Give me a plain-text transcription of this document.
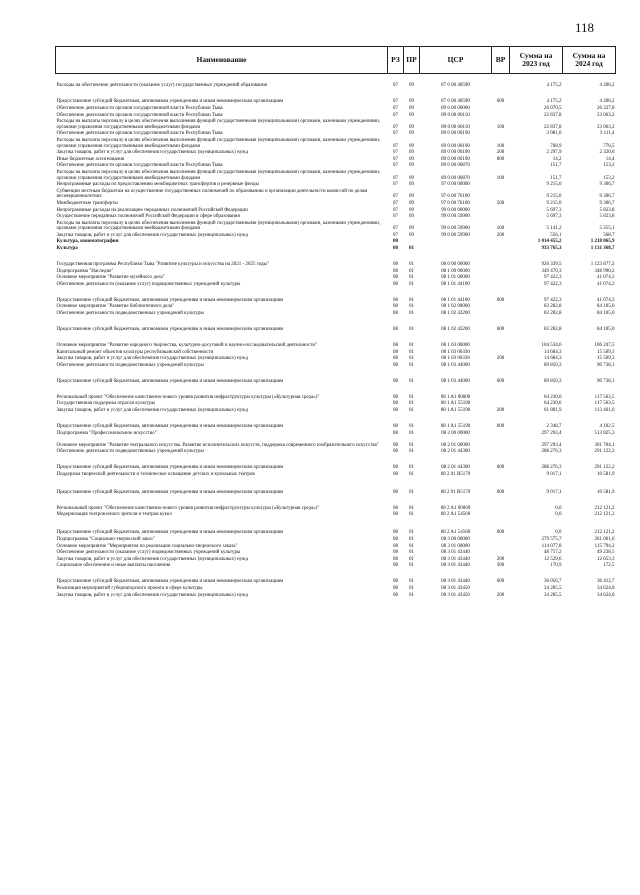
118
Наименование	РЗ	ПР	ЦСР	ВР	Сумма на 2023 год	Сумма на 2024 год
Расходы на обеспечение деятельности (оказание услуг) государственных учреждений образования	07	09	87 0 00 40590		4 175,2	4 206,2
Предоставление субсидий бюджетным, автономным учреждениям и иным некоммерческим организациям	07	09	87 0 00 40590	600	4 175,2	4 206,2
Обеспечение деятельности органов государственной власти Республики Тыва	07	09	89 0 00 00000		26 070,5	26 327,8
Обеспечение деятельности органов государственной власти Республики Тыва	07	09	89 0 00 00110		22 837,8	23 063,2
Расходы на выплаты персоналу в целях обеспечения выполнения функций государственными (муниципальными) органами, казенными учреждениями, органами управления государственными внебюджетными фондами	07	09	89 0 00 00110	100	22 837,8	23 063,2
Обеспечение деятельности органов государственной власти Республики Тыва	07	09	89 0 00 00190		3 081,0	3 111,4
Расходы на выплаты персоналу в целях обеспечения выполнения функций государственными (муниципальными) органами, казенными учреждениями, органами управления государственными внебюджетными фондами	07	09	89 0 00 00190	100	768,9	776,5
Закупка товаров, работ и услуг для обеспечения государственных (муниципальных) нужд	07	09	89 0 00 00190	200	2 297,9	2 320,6
Иные бюджетные ассигнования	07	09	89 0 00 00190	800	14,2	14,4
Обеспечение деятельности органов государственной власти Республики Тыва	07	09	89 0 00 00870		151,7	153,2
Расходы на выплаты персоналу в целях обеспечения выполнения функций государственными (муниципальными) органами, казенными учреждениями, органами управления государственными внебюджетными фондами	07	09	89 0 00 00870	100	151,7	153,2
Непрограммные расходы по предоставлению межбюджетных трансфертов и резервные фонды	07	09	97 0 00 00000		9 215,0	9 306,7
Субвенции местным бюджетам на осуществление государственных полномочий по образованию и организации деятельности комиссий по делам несовершеннолетних	07	09	97 0 00 76100		9 215,0	9 306,7
Межбюджетные трансферты	07	09	97 0 00 76100	500	9 215,0	9 306,7
Непрограммные расходы на реализацию переданных полномочий Российской Федерации	07	09	99 0 00 00000		5 697,3	5 823,8
Осуществление переданных полномочий Российской Федерации в сфере образования	07	09	99 0 00 59900		5 697,3	5 823,8
Расходы на выплаты персоналу в целях обеспечения выполнения функций государственными (муниципальными) органами, казенными учреждениями, органами управления государственными внебюджетными фондами	07	09	99 0 00 59900	100	5 141,2	5 255,1
Закупка товаров, работ и услуг для обеспечения государственных (муниципальных) нужд	07	09	99 0 00 59900	200	556,1	568,7
Культура, кинематография	08				1 014 455,2	1 218 065,9
Культура	08	01			933 765,3	1 131 368,7
Государственная программа Республики Тыва "Развитие культуры и искусства на 2021 - 2025 годы"	08	01	08 0 00 00000		926 339,5	1 123 877,2
Подпрограмма "Наследие"	08	01	08 1 00 00000		349 470,3	348 990,2
Основное мероприятие "Развитие музейного дела"	08	01	08 1 01 00000		97 422,3	41 074,3
Обеспечение деятельности (оказание услуг) подведомственных учреждений культуры	08	01	08 1 01 44100		97 422,3	41 074,3
Предоставление субсидий бюджетным, автономным учреждениям и иным некоммерческим организациям	08	01	08 1 01 44100	600	97 422,3	41 074,3
Основное мероприятие "Развитие библиотечного дела"	08	01	08 1 02 00000		83 282,8	84 105,0
Обеспечение деятельности подведомственных учреждений культуры	08	01	08 1 02 42200		83 282,8	84 105,0
Предоставление субсидий бюджетным, автономным учреждениям и иным некоммерческим организациям	08	01	08 1 02 42200	600	83 282,8	84 105,0
Основное мероприятие "Развитие народного творчества, культурно-досуговой и научно-исследовательской деятельности"	08	01	08 1 03 00000		104 534,6	106 247,5
Капитальный ремонт объектов культуры республиканской собственности	08	01	08 1 03 00330		14 684,3	15 509,3
Закупка товаров, работ и услуг для обеспечения государственных (муниципальных) нужд	08	01	08 1 03 00330	200	14 684,3	15 509,3
Обеспечение деятельности подведомственных учреждений культуры	08	01	08 1 03 44000		89 850,3	90 738,1
Предоставление субсидий бюджетным, автономным учреждениям и иным некоммерческим организациям	08	01	08 1 03 44000	600	89 850,3	90 738,1
Региональный проект "Обеспечение качественно нового уровня развития инфраструктуры культуры («Культурная среда»)"	08	01	08 1 A1 00000		64 230,6	117 563,5
Государственная поддержка отрасли культуры	08	01	08 1 A1 55190		64 230,6	117 563,5
Закупка товаров, работ и услуг для обеспечения государственных (муниципальных) нужд	08	01	08 1 A1 55190	200	61 881,9	113 461,0
Предоставление субсидий бюджетным, автономным учреждениям и иным некоммерческим организациям	08	01	08 1 A1 55190	600	2 348,7	4 102,5
Подпрограмма "Профессиональное искусство"	08	01	08 2 00 00000		297 293,4	513 825,3
Основное мероприятие "Развитие театрального искусства. Развитие исполнительских искусств, поддержка современного изобразительного искусства"	08	01	08 2 01 00000		297 293,4	301 704,1
Обеспечение деятельности подведомственных учреждений культуры	08	01	08 2 01 44300		288 276,3	291 122,2
Предоставление субсидий бюджетным, автономным учреждениям и иным некоммерческим организациям	08	01	08 2 01 44300	600	288 276,3	291 122,2
Поддержка творческой деятельности и техническое оснащение детских и кукольных театров	08	01	08 2 01 R5170		9 017,1	10 581,9
Предоставление субсидий бюджетным, автономным учреждениям и иным некоммерческим организациям	08	01	08 2 01 R5170	600	9 017,1	10 581,9
Региональный проект "Обеспечение качественно нового уровня развития инфраструктуры культуры («Культурная среда»)"	08	01	08 2 A1 00000		0,0	212 121,2
Модернизация театров юного зрителя и театров кукол	08	01	08 2 A1 54560		0,0	212 121,2
Предоставление субсидий бюджетным, автономным учреждениям и иным некоммерческим организациям	08	01	08 2 A1 54560	600	0,0	212 121,2
Подпрограмма "Социально-творческий заказ"	08	01	08 3 00 00000		279 575,7	261 061,6
Основное мероприятие "Мероприятия по реализации социально-творческого заказа"	08	01	08 3 01 00000		114 077,8	115 794,2
Обеспечение деятельности (оказание услуг) подведомственных учреждений культуры	08	01	08 3 01 43440		48 757,2	49 238,5
Закупка товаров, работ и услуг для обеспечения государственных (муниципальных) нужд	08	01	08 3 01 43440	200	12 529,6	12 653,3
Социальное обеспечение и иные выплаты населению	08	01	08 3 01 43440	300	170,9	172,5
Предоставление субсидий бюджетным, автономным учреждениям и иным некоммерческим организациям	08	01	08 3 01 43440	600	36 056,7	36 412,7
Реализация мероприятий губернаторского проекта в сфере культуры	08	01	08 3 01 43450		34 285,5	34 624,0
Закупка товаров, работ и услуг для обеспечения государственных (муниципальных) нужд	08	01	08 3 01 43450	200	34 285,5	34 624,0
